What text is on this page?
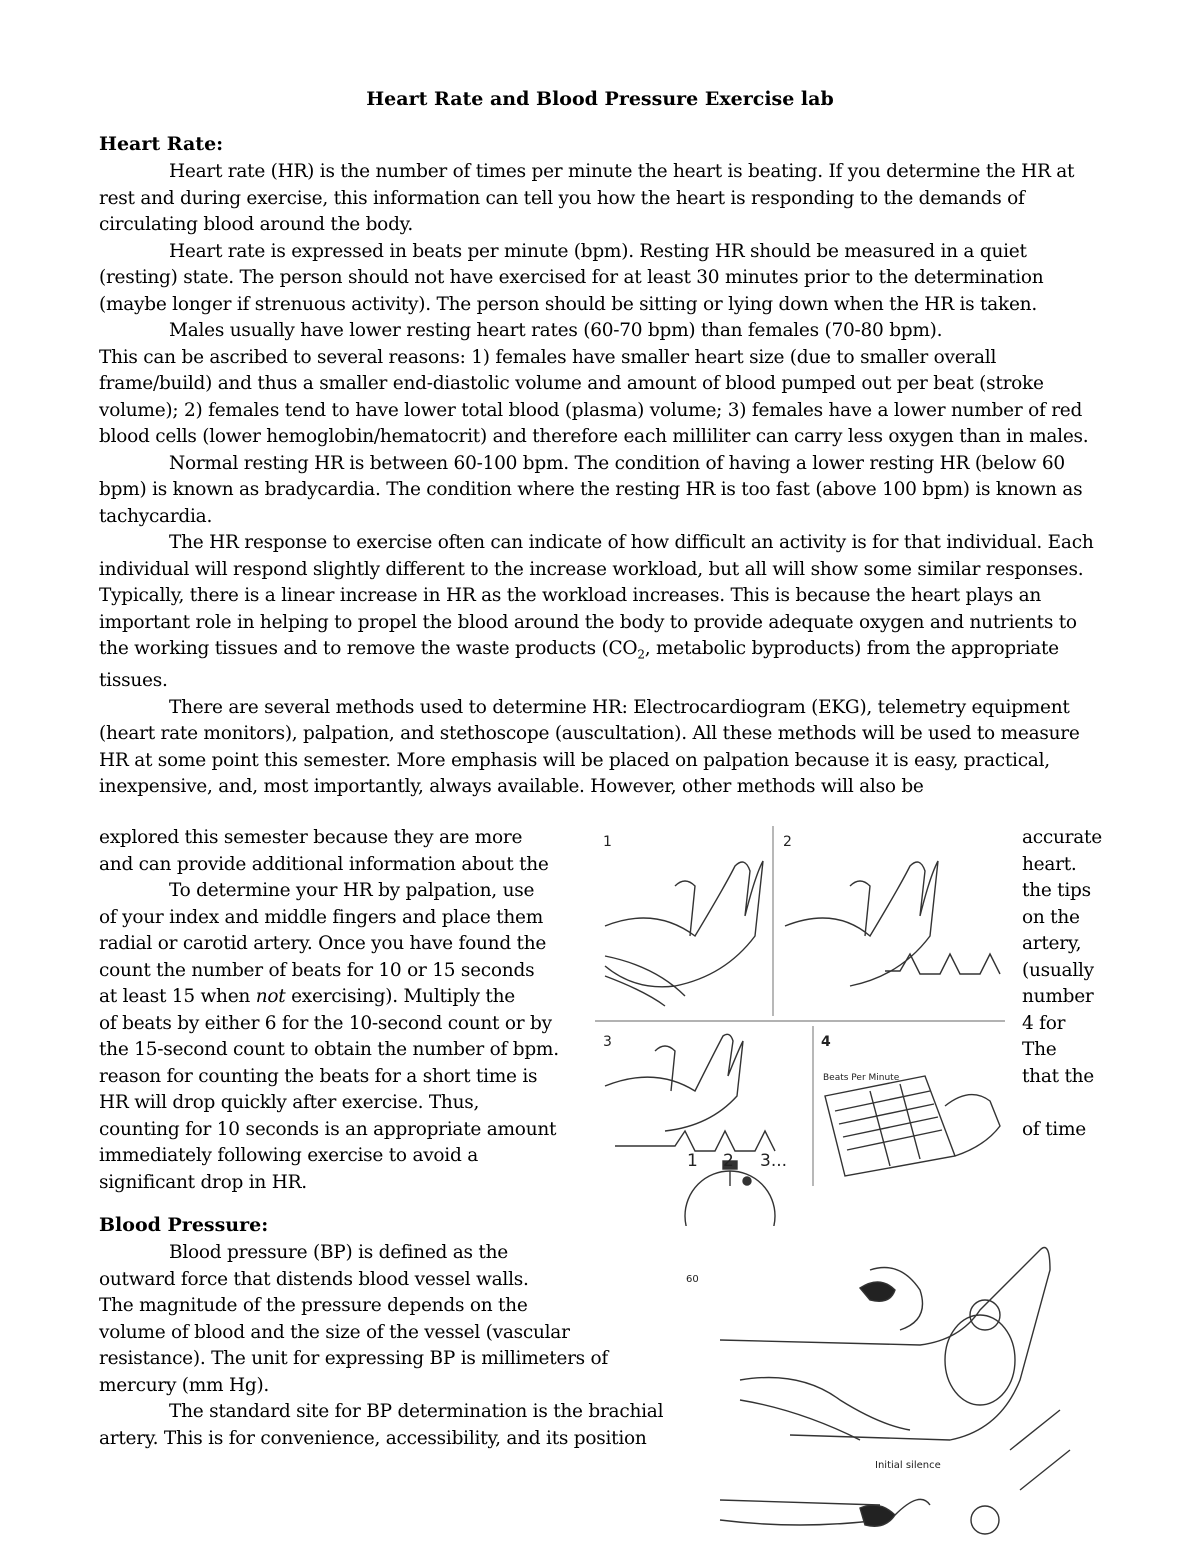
Heart Rate and Blood Pressure Exercise lab
Heart Rate:

Heart rate (HR) is the number of times per minute the heart is beating. If you determine the HR at rest and during exercise, this information can tell you how the heart is responding to the demands of circulating blood around the body.

Heart rate is expressed in beats per minute (bpm). Resting HR should be measured in a quiet (resting) state. The person should not have exercised for at least 30 minutes prior to the determination (maybe longer if strenuous activity). The person should be sitting or lying down when the HR is taken.

Males usually have lower resting heart rates (60-70 bpm) than females (70-80 bpm).

This can be ascribed to several reasons: 1) females have smaller heart size (due to smaller overall frame/build) and thus a smaller end-diastolic volume and amount of blood pumped out per beat (stroke volume); 2) females tend to have lower total blood (plasma) volume; 3) females have a lower number of red blood cells (lower hemoglobin/hematocrit) and therefore each milliliter can carry less oxygen than in males.

Normal resting HR is between 60-100 bpm. The condition of having a lower resting HR (below 60 bpm) is known as bradycardia. The condition where the resting HR is too fast (above 100 bpm) is known as tachycardia.

The HR response to exercise often can indicate of how difficult an activity is for that individual. Each individual will respond slightly different to the increase workload, but all will show some similar responses. Typically, there is a linear increase in HR as the workload increases. This is because the heart plays an important role in helping to propel the blood around the body to provide adequate oxygen and nutrients to the working tissues and to remove the waste products ($CO_2$, metabolic byproducts) from the appropriate tissues.

There are several methods used to determine HR: Electrocardiogram (EKG), telemetry equipment (heart rate monitors), palpation, and stethoscope (auscultation). All these methods will be used to measure HR at some point this semester. More emphasis will be placed on palpation because it is easy, practical, inexpensive, and, most importantly, always available. However, other methods will also be

explored this semester because they are more
and can provide additional information about the
To determine your HR by palpation, use
of your index and middle fingers and place them
radial or carotid artery. Once you have found the
count the number of beats for 10 or 15 seconds
at least 15 when not exercising). Multiply the
of beats by either 6 for the 10-second count or by
the 15-second count to obtain the number of bpm.
reason for counting the beats for a short time is
HR will drop quickly after exercise. Thus,
counting for 10 seconds is an appropriate amount
immediately following exercise to avoid a
significant drop in HR.
accurate
heart.
the tips
on the
artery,
(usually
number
4 for
The
that the
of time
1	2
3	4
Beats Per Minute
1 2 3...
60
Initial silence
Blood Pressure:
Blood pressure (BP) is defined as the
outward force that distends blood vessel walls.
The magnitude of the pressure depends on the
volume of blood and the size of the vessel (vascular
resistance). The unit for expressing BP is millimeters of
mercury (mm Hg).
The standard site for BP determination is the brachial
artery. This is for convenience, accessibility, and its position
